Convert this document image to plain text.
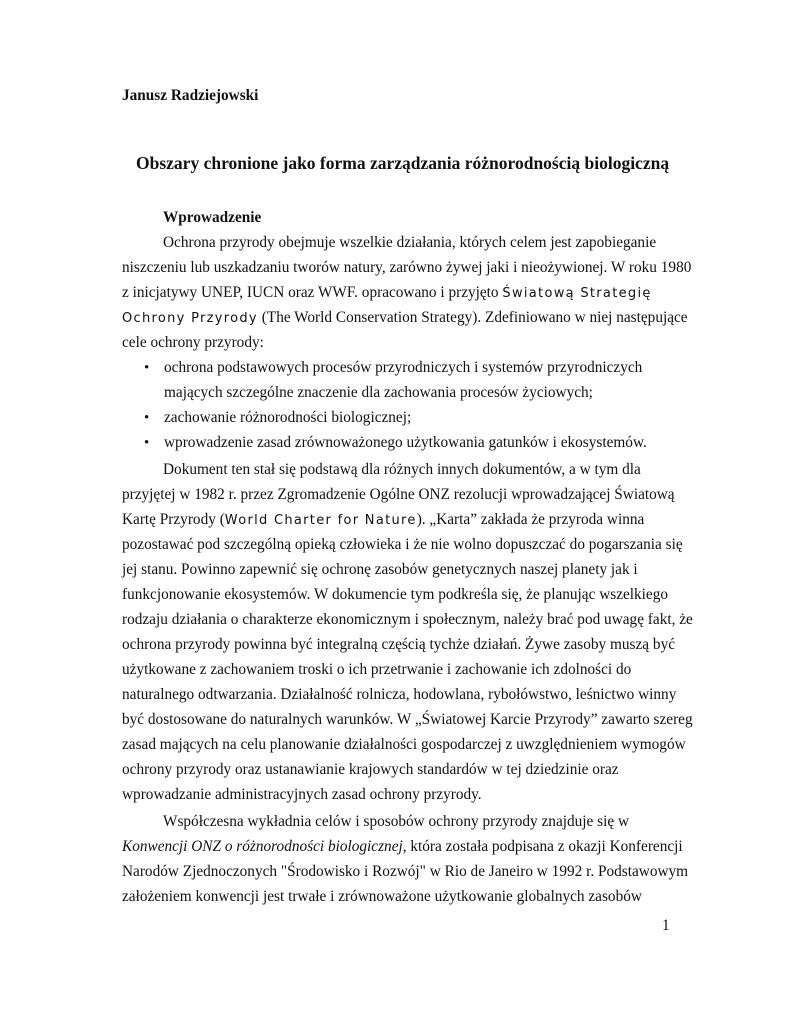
Janusz Radziejowski
Obszary chronione jako forma zarządzania różnorodnością biologiczną
Wprowadzenie
Ochrona przyrody obejmuje wszelkie działania, których celem jest zapobieganie
niszczeniu lub uszkadzaniu tworów natury, zarówno żywej jaki i nieożywionej. W roku 1980
z inicjatywy UNEP, IUCN oraz WWF. opracowano i przyjęto Światową Strategię
Ochrony Przyrody (The World Conservation Strategy). Zdefiniowano w niej następujące
cele ochrony przyrody:
• ochrona podstawowych procesów przyrodniczych i systemów przyrodniczych
mających szczególne znaczenie dla zachowania procesów życiowych;
• zachowanie różnorodności biologicznej;
• wprowadzenie zasad zrównoważonego użytkowania gatunków i ekosystemów.
Dokument ten stał się podstawą dla różnych innych dokumentów, a w tym dla
przyjętej w 1982 r. przez Zgromadzenie Ogólne ONZ rezolucji wprowadzającej Światową
Kartę Przyrody (World Charter for Nature). „Karta” zakłada że przyroda winna
pozostawać pod szczególną opieką człowieka i że nie wolno dopuszczać do pogarszania się
jej stanu. Powinno zapewnić się ochronę zasobów genetycznych naszej planety jak i
funkcjonowanie ekosystemów. W dokumencie tym podkreśla się, że planując wszelkiego
rodzaju działania o charakterze ekonomicznym i społecznym, należy brać pod uwagę fakt, że
ochrona przyrody powinna być integralną częścią tychże działań. Żywe zasoby muszą być
użytkowane z zachowaniem troski o ich przetrwanie i zachowanie ich zdolności do
naturalnego odtwarzania. Działalność rolnicza, hodowlana, rybołówstwo, leśnictwo winny
być dostosowane do naturalnych warunków. W „Światowej Karcie Przyrody” zawarto szereg
zasad mających na celu planowanie działalności gospodarczej z uwzględnieniem wymogów
ochrony przyrody oraz ustanawianie krajowych standardów w tej dziedzinie oraz
wprowadzanie administracyjnych zasad ochrony przyrody.
Współczesna wykładnia celów i sposobów ochrony przyrody znajduje się w
Konwencji ONZ o różnorodności biologicznej, która została podpisana z okazji Konferencji
Narodów Zjednoczonych "Środowisko i Rozwój" w Rio de Janeiro w 1992 r. Podstawowym
założeniem konwencji jest trwałe i zrównoważone użytkowanie globalnych zasobów
1
